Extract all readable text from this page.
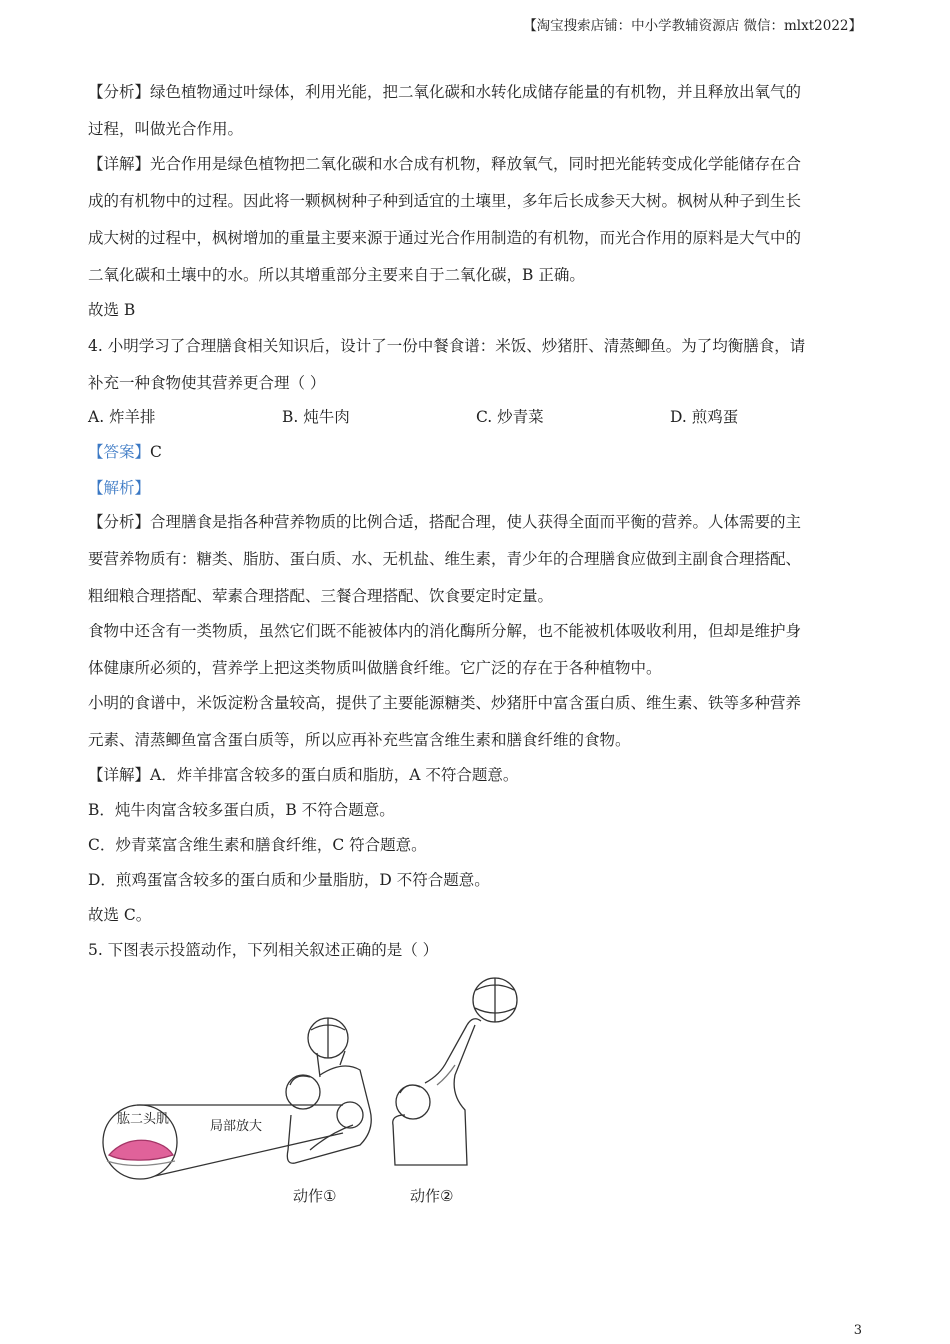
【淘宝搜索店铺：中小学教辅资源店 微信：mlxt2022】
【分析】绿色植物通过叶绿体，利用光能，把二氧化碳和水转化成储存能量的有机物，并且释放出氧气的
过程，叫做光合作用。
【详解】光合作用是绿色植物把二氧化碳和水合成有机物，释放氧气，同时把光能转变成化学能储存在合
成的有机物中的过程。因此将一颗枫树种子种到适宜的土壤里，多年后长成参天大树。枫树从种子到生长
成大树的过程中，枫树增加的重量主要来源于通过光合作用制造的有机物，而光合作用的原料是大气中的
二氧化碳和土壤中的水。所以其增重部分主要来自于二氧化碳，B 正确。
故选 B
4. 小明学习了合理膳食相关知识后，设计了一份中餐食谱：米饭、炒猪肝、清蒸鲫鱼。为了均衡膳食，请
补充一种食物使其营养更合理（ ）
A. 炸羊排	B. 炖牛肉	C. 炒青菜	D. 煎鸡蛋
【答案】C
【解析】
【分析】合理膳食是指各种营养物质的比例合适，搭配合理，使人获得全面而平衡的营养。人体需要的主
要营养物质有：糖类、脂肪、蛋白质、水、无机盐、维生素，青少年的合理膳食应做到主副食合理搭配、
粗细粮合理搭配、荤素合理搭配、三餐合理搭配、饮食要定时定量。
食物中还含有一类物质，虽然它们既不能被体内的消化酶所分解，也不能被机体吸收利用，但却是维护身
体健康所必须的，营养学上把这类物质叫做膳食纤维。它广泛的存在于各种植物中。
小明的食谱中，米饭淀粉含量较高，提供了主要能源糖类、炒猪肝中富含蛋白质、维生素、铁等多种营养
元素、清蒸鲫鱼富含蛋白质等，所以应再补充些富含维生素和膳食纤维的食物。
【详解】A．炸羊排富含较多的蛋白质和脂肪，A 不符合题意。
B．炖牛肉富含较多蛋白质，B 不符合题意。
C．炒青菜富含维生素和膳食纤维，C 符合题意。
D．煎鸡蛋富含较多的蛋白质和少量脂肪，D 不符合题意。
故选 C。
5. 下图表示投篮动作，下列相关叙述正确的是（ ）
肱二头肌	局部放大
动作①	动作②
3
